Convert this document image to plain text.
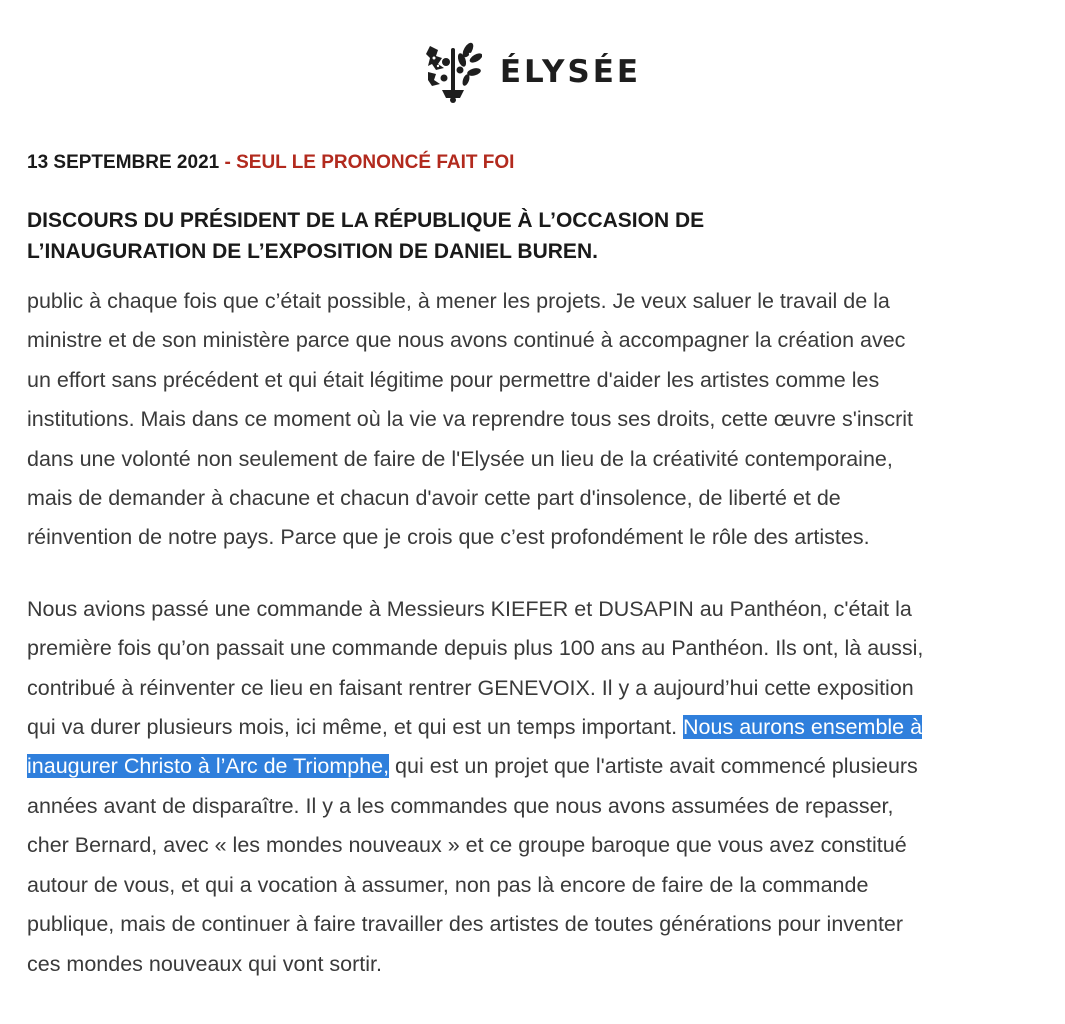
ÉLYSÉE
13 SEPTEMBRE 2021 - SEUL LE PRONONCÉ FAIT FOI
DISCOURS DU PRÉSIDENT DE LA RÉPUBLIQUE À L’OCCASION DE
L’INAUGURATION DE L’EXPOSITION DE DANIEL BUREN.

public à chaque fois que c’était possible, à mener les projets. Je veux saluer le travail de la
ministre et de son ministère parce que nous avons continué à accompagner la création avec
un effort sans précédent et qui était légitime pour permettre d'aider les artistes comme les
institutions. Mais dans ce moment où la vie va reprendre tous ses droits, cette œuvre s'inscrit
dans une volonté non seulement de faire de l'Elysée un lieu de la créativité contemporaine,
mais de demander à chacune et chacun d'avoir cette part d'insolence, de liberté et de
réinvention de notre pays. Parce que je crois que c’est profondément le rôle des artistes.

Nous avions passé une commande à Messieurs KIEFER et DUSAPIN au Panthéon, c'était la
première fois qu’on passait une commande depuis plus 100 ans au Panthéon. Ils ont, là aussi,
contribué à réinventer ce lieu en faisant rentrer GENEVOIX. Il y a aujourd’hui cette exposition
qui va durer plusieurs mois, ici même, et qui est un temps important. Nous aurons ensemble à
inaugurer Christo à l’Arc de Triomphe, qui est un projet que l'artiste avait commencé plusieurs
années avant de disparaître. Il y a les commandes que nous avons assumées de repasser,
cher Bernard, avec « les mondes nouveaux » et ce groupe baroque que vous avez constitué
autour de vous, et qui a vocation à assumer, non pas là encore de faire de la commande
publique, mais de continuer à faire travailler des artistes de toutes générations pour inventer
ces mondes nouveaux qui vont sortir.
